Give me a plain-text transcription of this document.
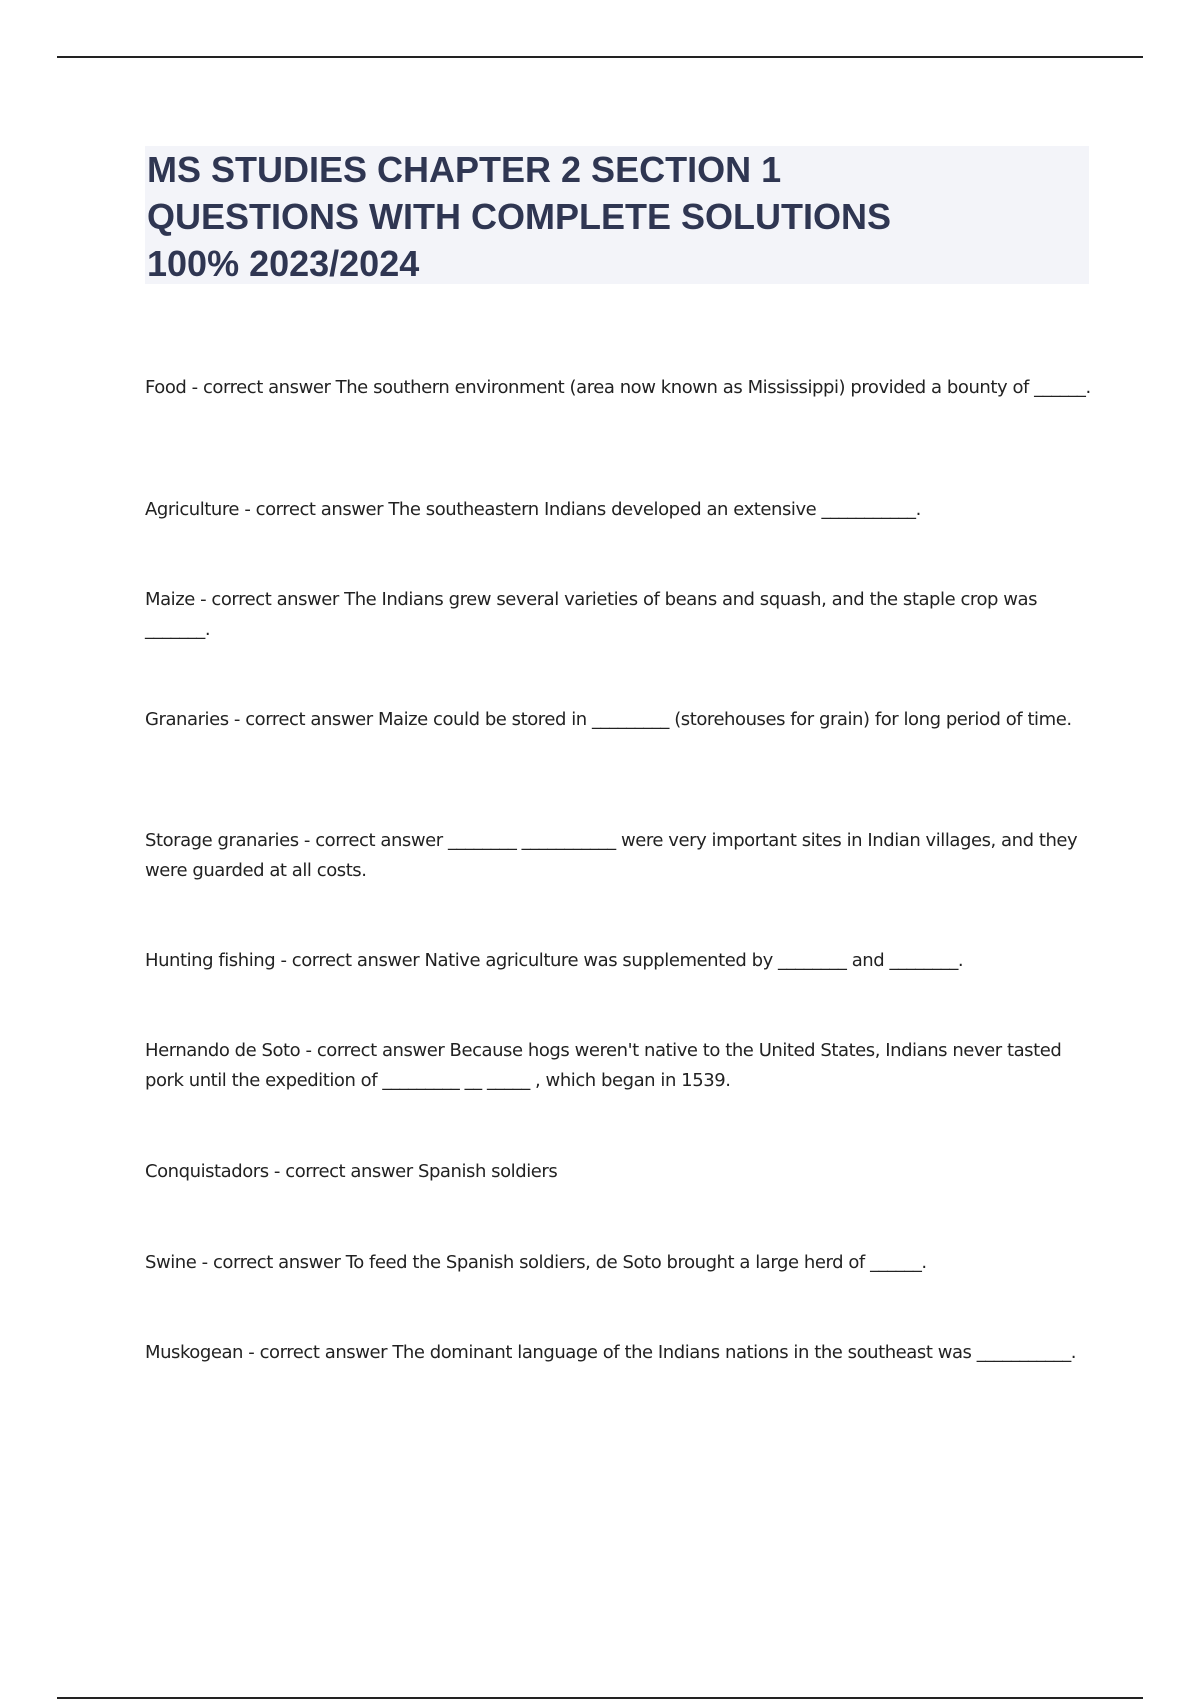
MS STUDIES CHAPTER 2 SECTION 1
QUESTIONS WITH COMPLETE SOLUTIONS
100% 2023/2024
Food - correct answer The southern environment (area now known as Mississippi) provided a bounty of ______.
Agriculture - correct answer The southeastern Indians developed an extensive ___________.
Maize - correct answer The Indians grew several varieties of beans and squash, and the staple crop was _______.
Granaries - correct answer Maize could be stored in _________ (storehouses for grain) for long period of time.
Storage granaries - correct answer ________ ___________ were very important sites in Indian villages, and they were guarded at all costs.
Hunting fishing - correct answer Native agriculture was supplemented by ________ and ________.
Hernando de Soto - correct answer Because hogs weren't native to the United States, Indians never tasted pork until the expedition of _________ __ _____ , which began in 1539.
Conquistadors - correct answer Spanish soldiers
Swine - correct answer To feed the Spanish soldiers, de Soto brought a large herd of ______.
Muskogean - correct answer The dominant language of the Indians nations in the southeast was ___________.
